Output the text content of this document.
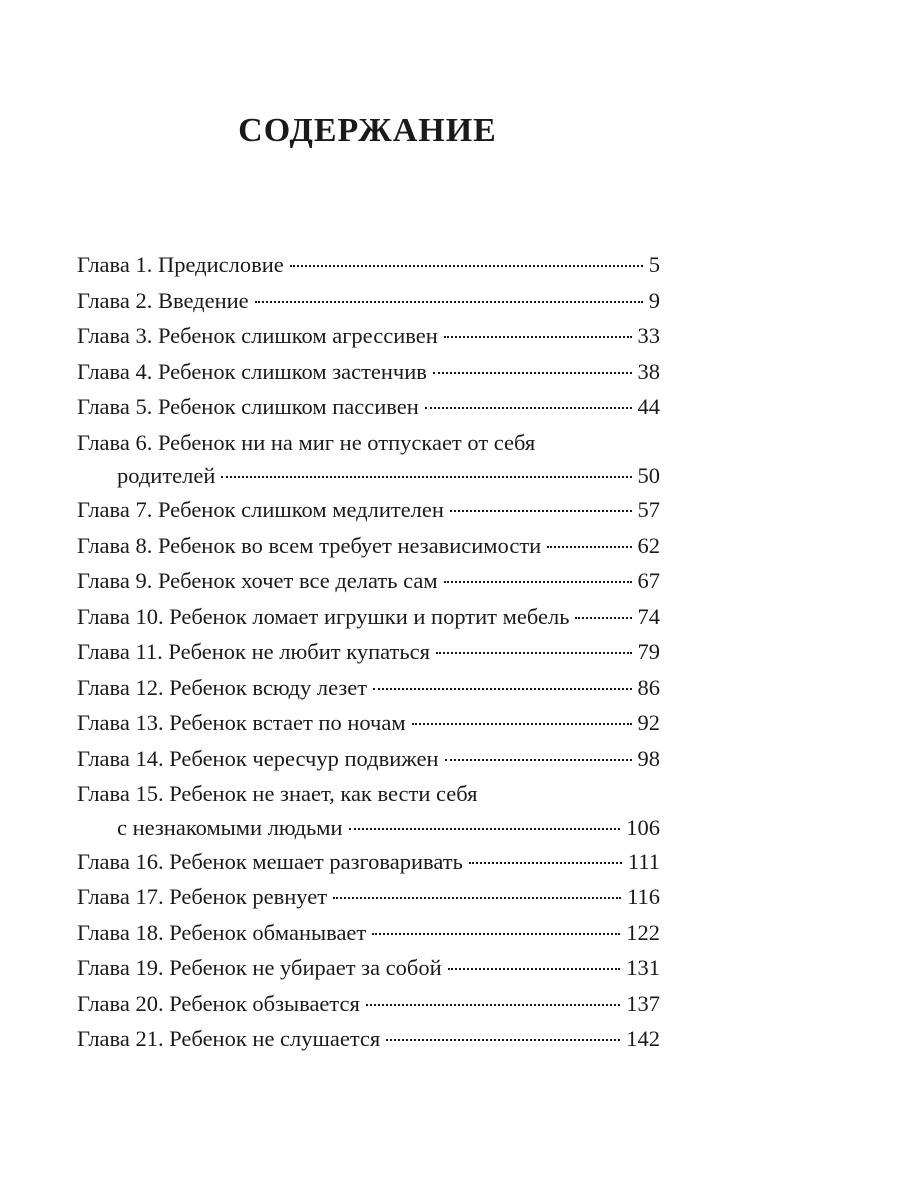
СОДЕРЖАНИЕ
Глава 1. Предисловие	5
Глава 2. Введение	9
Глава 3. Ребенок слишком агрессивен	33
Глава 4. Ребенок слишком застенчив	38
Глава 5. Ребенок слишком пассивен	44
Глава 6. Ребенок ни на миг не отпускает от себя
родителей	50
Глава 7. Ребенок слишком медлителен	57
Глава 8. Ребенок во всем требует независимости	62
Глава 9. Ребенок хочет все делать сам	67
Глава 10. Ребенок ломает игрушки и портит мебель	74
Глава 11. Ребенок не любит купаться	79
Глава 12. Ребенок всюду лезет	86
Глава 13. Ребенок встает по ночам	92
Глава 14. Ребенок чересчур подвижен	98
Глава 15. Ребенок не знает, как вести себя
с незнакомыми людьми	106
Глава 16. Ребенок мешает разговаривать	111
Глава 17. Ребенок ревнует	116
Глава 18. Ребенок обманывает	122
Глава 19. Ребенок не убирает за собой	131
Глава 20. Ребенок обзывается	137
Глава 21. Ребенок не слушается	142
